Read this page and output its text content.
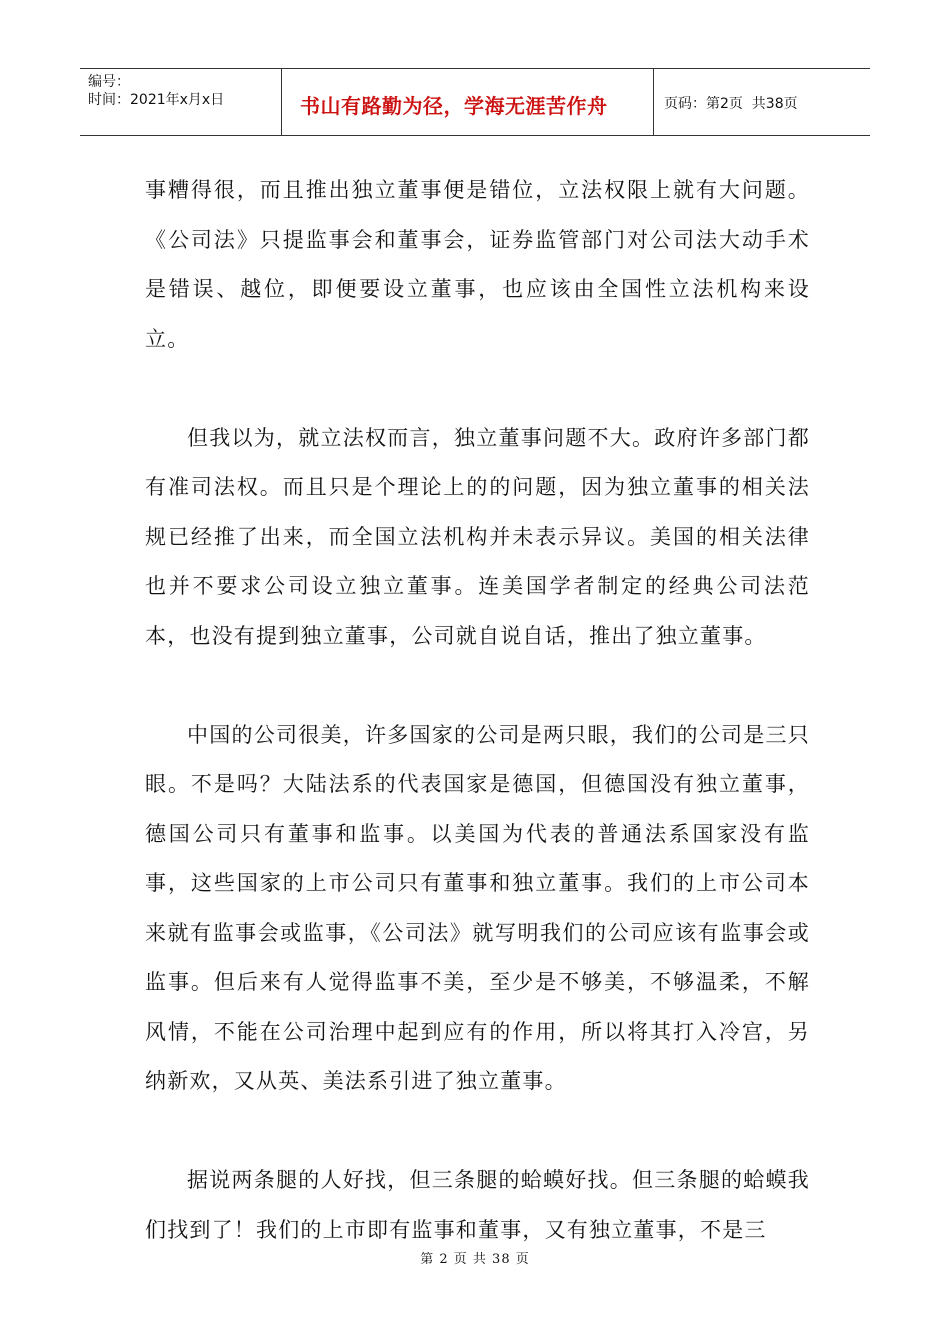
编号：
时间：2021年x月x日	书山有路勤为径，学海无涯苦作舟	页码：第2页  共38页

事糟得很，而且推出独立董事便是错位，立法权限上就有大问题。《公司法》只提监事会和董事会，证券监管部门对公司法大动手术是错误、越位，即便要设立董事，也应该由全国性立法机构来设立。

但我以为，就立法权而言，独立董事问题不大。政府许多部门都有准司法权。而且只是个理论上的的问题，因为独立董事的相关法规已经推了出来，而全国立法机构并未表示异议。美国的相关法律也并不要求公司设立独立董事。连美国学者制定的经典公司法范本，也没有提到独立董事，公司就自说自话，推出了独立董事。

中国的公司很美，许多国家的公司是两只眼，我们的公司是三只眼。不是吗？大陆法系的代表国家是德国，但德国没有独立董事，德国公司只有董事和监事。以美国为代表的普通法系国家没有监事，这些国家的上市公司只有董事和独立董事。我们的上市公司本来就有监事会或监事，《公司法》就写明我们的公司应该有监事会或监事。但后来有人觉得监事不美，至少是不够美，不够温柔，不解风情，不能在公司治理中起到应有的作用，所以将其打入冷宫，另纳新欢，又从英、美法系引进了独立董事。

据说两条腿的人好找，但三条腿的蛤蟆好找。但三条腿的蛤蟆我们找到了！我们的上市即有监事和董事，又有独立董事，不是三

第 2 页 共 38 页
